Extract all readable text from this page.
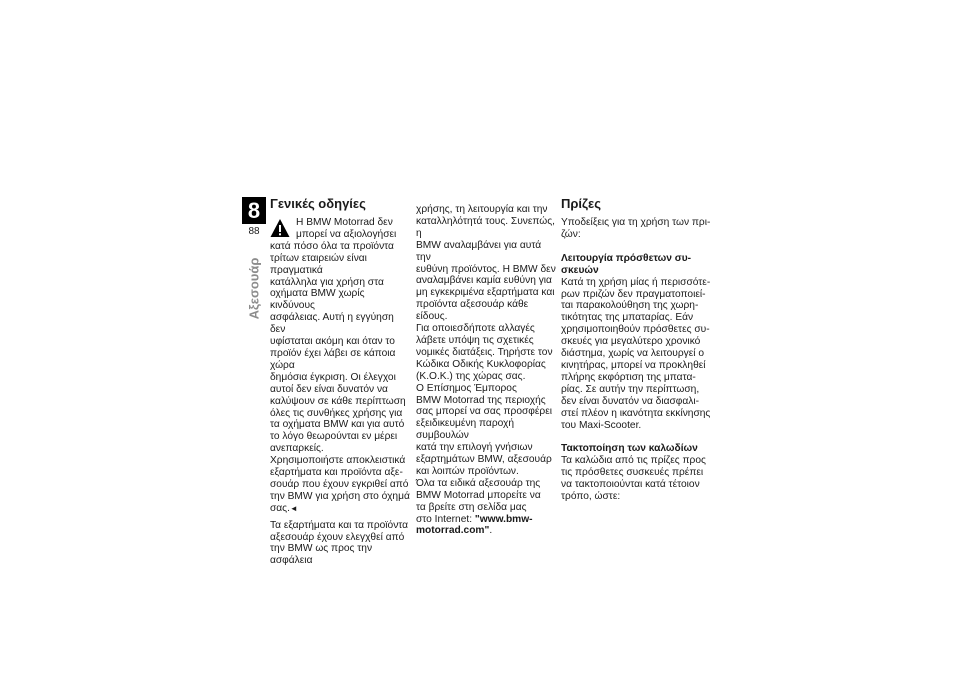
8
88
Αξεσουάρ
Γενικές οδηγίες

Η BMW Motorrad δεν

μπορεί να αξιολογήσει

κατά πόσο όλα τα προϊόντα

τρίτων εταιρειών είναι πραγματικά

κατάλληλα για χρήση στα

οχήματα BMW χωρίς κινδύνους

ασφάλειας. Αυτή η εγγύηση δεν

υφίσταται ακόμη και όταν το

προϊόν έχει λάβει σε κάποια χώρα

δημόσια έγκριση. Οι έλεγχοι

αυτοί δεν είναι δυνατόν να

καλύψουν σε κάθε περίπτωση

όλες τις συνθήκες χρήσης για

τα οχήματα BMW και για αυτό

το λόγο θεωρούνται εν μέρει

ανεπαρκείς.

Χρησιμοποιήστε αποκλειστικά

εξαρτήματα και προϊόντα αξε-

σουάρ που έχουν εγκριθεί από

την BMW για χρήση στο όχημά

σας.◄

Τα εξαρτήματα και τα προϊόντα

αξεσουάρ έχουν ελεγχθεί από

την BMW ως προς την ασφάλεια

χρήσης, τη λειτουργία και την

καταλληλότητά τους. Συνεπώς, η

BMW αναλαμβάνει για αυτά την

ευθύνη προϊόντος. Η BMW δεν

αναλαμβάνει καμία ευθύνη για

μη εγκεκριμένα εξαρτήματα και

προϊόντα αξεσουάρ κάθε είδους.

Για οποιεσδήποτε αλλαγές

λάβετε υπόψη τις σχετικές

νομικές διατάξεις. Τηρήστε τον

Κώδικα Οδικής Κυκλοφορίας

(Κ.Ο.Κ.) της χώρας σας.

Ο Επίσημος Έμπορος

BMW Motorrad της περιοχής

σας μπορεί να σας προσφέρει

εξειδικευμένη παροχή συμβουλών

κατά την επιλογή γνήσιων

εξαρτημάτων BMW, αξεσουάρ

και λοιπών προϊόντων.

Όλα τα ειδικά αξεσουάρ της

BMW Motorrad μπορείτε να

τα βρείτε στη σελίδα μας

στο Internet: "www.bmw-

motorrad.com".

Πρίζες

Υποδείξεις για τη χρήση των πρι-

ζών:

Λειτουργία πρόσθετων συ-
σκευών

Κατά τη χρήση μίας ή περισσότε-

ρων πριζών δεν πραγματοποιεί-

ται παρακολούθηση της χωρη-

τικότητας της μπαταρίας. Εάν

χρησιμοποιηθούν πρόσθετες συ-

σκευές για μεγαλύτερο χρονικό

διάστημα, χωρίς να λειτουργεί ο

κινητήρας, μπορεί να προκληθεί

πλήρης εκφόρτιση της μπατα-

ρίας. Σε αυτήν την περίπτωση,

δεν είναι δυνατόν να διασφαλι-

στεί πλέον η ικανότητα εκκίνησης

του Maxi-Scooter.

Τακτοποίηση των καλωδίων

Τα καλώδια από τις πρίζες προς

τις πρόσθετες συσκευές πρέπει

να τακτοποιούνται κατά τέτοιον

τρόπο, ώστε:
